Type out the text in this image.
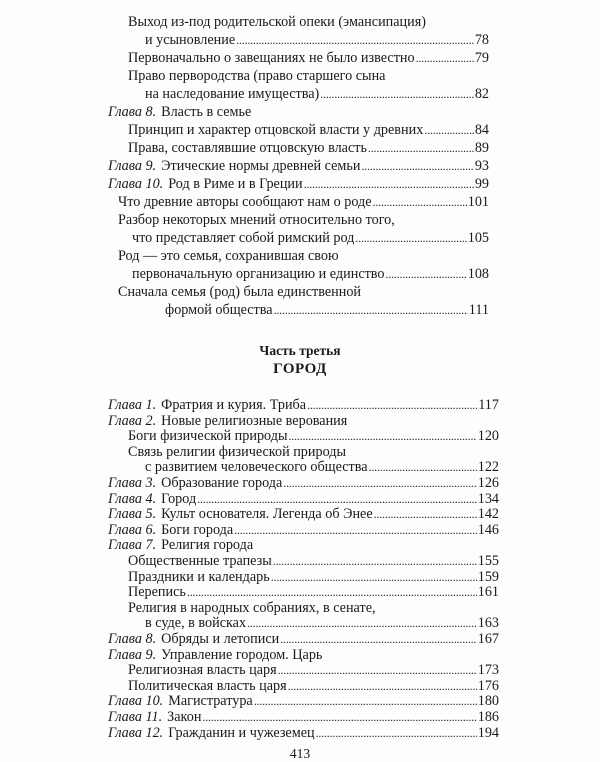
Выход из-под родительской опеки (эмансипация)
и усыновление . . .	78
Первоначально о завещаниях не было известно . . .	79
Право первородства (право старшего сына
на наследование имущества) . . .	82
Глава 8. Власть в семье
Принцип и характер отцовской власти у древних . . .	84
Права, составлявшие отцовскую власть . . .	89
Глава 9. Этические нормы древней семьи . . .	93
Глава 10. Род в Риме и в Греции . . .	99
Что древние авторы сообщают нам о роде . . .	101
Разбор некоторых мнений относительно того,
что представляет собой римский род . . .	105
Род — это семья, сохранившая свою
первоначальную организацию и единство . . .	108
Сначала семья (род) была единственной
формой общества . . .	111
Часть третья
ГОРОД
Глава 1. Фратрия и курия. Триба . . .	117
Глава 2. Новые религиозные верования
Боги физической природы . . .	120
Связь религии физической природы
с развитием человеческого общества . . .	122
Глава 3. Образование города . . .	126
Глава 4. Город . . .	134
Глава 5. Культ основателя. Легенда об Энее . . .	142
Глава 6. Боги города . . .	146
Глава 7. Религия города
Общественные трапезы . . .	155
Праздники и календарь . . .	159
Перепись . . .	161
Религия в народных собраниях, в сенате,
в суде, в войсках . . .	163
Глава 8. Обряды и летописи . . .	167
Глава 9. Управление городом. Царь
Религиозная власть царя . . .	173
Политическая власть царя . . .	176
Глава 10. Магистратура . . .	180
Глава 11. Закон . . .	186
Глава 12. Гражданин и чужеземец . . .	194
413
